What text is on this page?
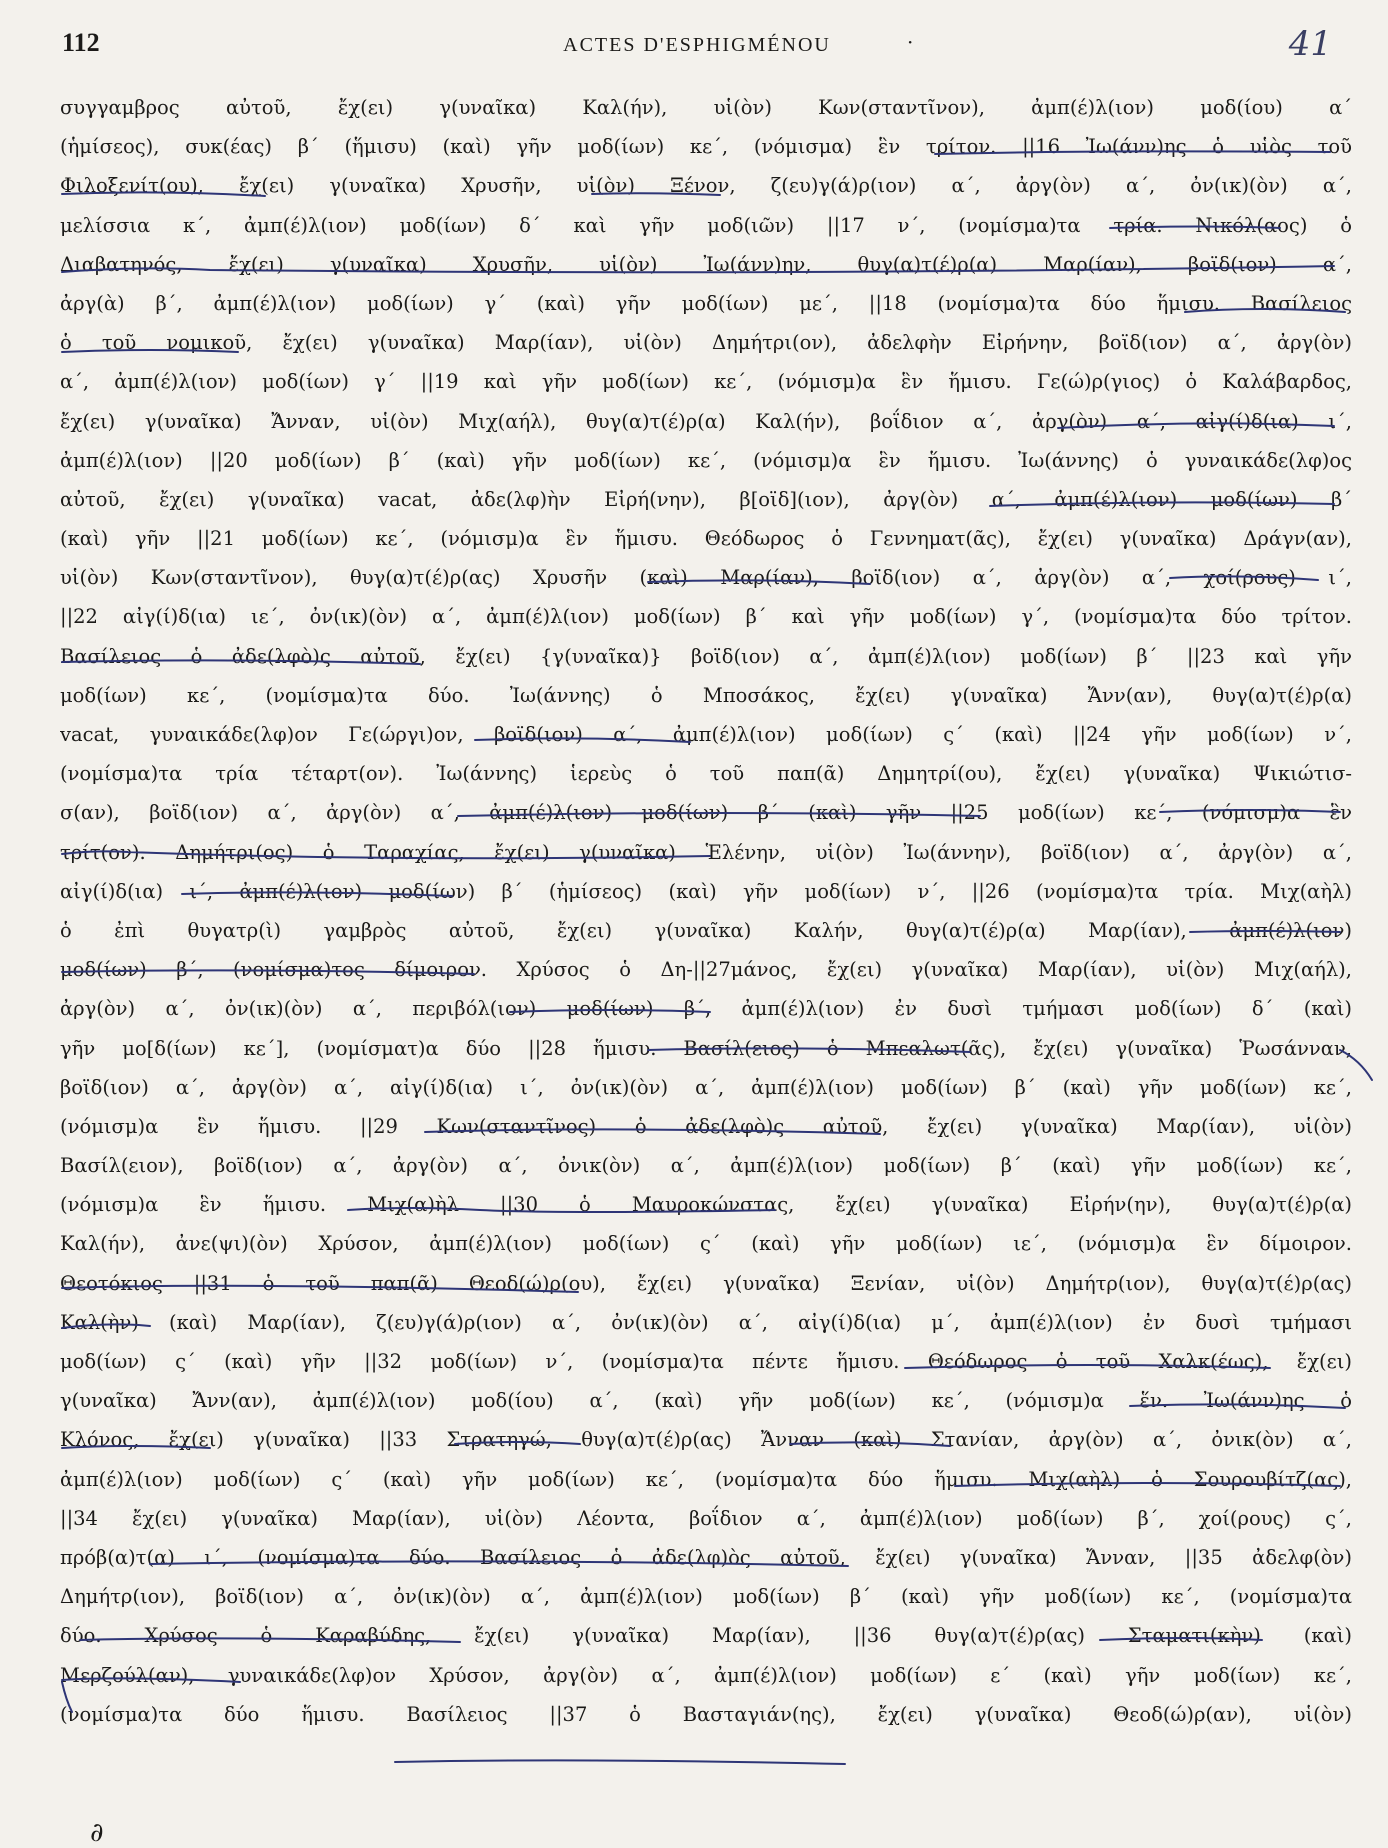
112	ACTES D'ESPHIGMÉNOU	·	41
συγγαμβρος αὐτοῦ, ἔχ(ει) γ(υναῖκα) Καλ(ήν), υἱ(ὸν) Κων(σταντῖνον), ἀμπ(έ)λ(ιον) μοδ(ίου) α´
(ἡμίσεος), συκ(έας) β´ (ἥμισυ) (καὶ) γῆν μοδ(ίων) κε´, (νόμισμα) ἓν τρίτον. ||16 Ἰω(άνν)ης ὁ υἱὸς τοῦ
Φιλοξενίτ(ου), ἔχ(ει) γ(υναῖκα) Χρυσῆν, υἱ(ὸν) Ξένον, ζ(ευ)γ(ά)ρ(ιον) α´, ἀργ(ὸν) α´, ὀν(ικ)(ὸν) α´,
μελίσσια κ´, ἀμπ(έ)λ(ιον) μοδ(ίων) δ´ καὶ γῆν μοδ(ιῶν) ||17 ν´, (νομίσμα)τα τρία. Νικόλ(αος) ὁ
Διαβατηνός, ἔχ(ει) γ(υναῖκα) Χρυσῆν, υἱ(ὸν) Ἰω(άνν)ην, θυγ(α)τ(έ)ρ(α) Μαρ(ίαν), βοϊδ(ιον) α´,
ἀργ(ὰ) β´, ἀμπ(έ)λ(ιον) μοδ(ίων) γ´ (καὶ) γῆν μοδ(ίων) με´, ||18 (νομίσμα)τα δύο ἥμισυ. Βασίλειος
ὁ τοῦ νομικοῦ, ἔχ(ει) γ(υναῖκα) Μαρ(ίαν), υἱ(ὸν) Δημήτρι(ον), ἀδελφὴν Εἰρήνην, βοϊδ(ιον) α´, ἀργ(ὸν)
α´, ἀμπ(έ)λ(ιον) μοδ(ίων) γ´ ||19 καὶ γῆν μοδ(ίων) κε´, (νόμισμ)α ἓν ἥμισυ. Γε(ώ)ρ(γιος) ὁ Καλάβαρδος,
ἔχ(ει) γ(υναῖκα) Ἄνναν, υἱ(ὸν) Μιχ(αήλ), θυγ(α)τ(έ)ρ(α) Καλ(ήν), βοΐδιον α´, ἀργ(ὸν) α´, αἰγ(ί)δ(ια) ι´,
ἀμπ(έ)λ(ιον) ||20 μοδ(ίων) β´ (καὶ) γῆν μοδ(ίων) κε´, (νόμισμ)α ἓν ἥμισυ. Ἰω(άννης) ὁ γυναικάδε(λφ)ος
αὐτοῦ, ἔχ(ει) γ(υναῖκα) vacat, ἀδε(λφ)ὴν Εἰρή(νην), β[οϊδ](ιον), ἀργ(ὸν) α´, ἀμπ(έ)λ(ιον) μοδ(ίων) β´
(καὶ) γῆν ||21 μοδ(ίων) κε´, (νόμισμ)α ἓν ἥμισυ. Θεόδωρος ὁ Γεννηματ(ᾶς), ἔχ(ει) γ(υναῖκα) Δράγν(αν),
υἱ(ὸν) Κων(σταντῖνον), θυγ(α)τ(έ)ρ(ας) Χρυσῆν (καὶ) Μαρ(ίαν), βοϊδ(ιον) α´, ἀργ(ὸν) α´, χοί(ρους) ι´,
||22 αἰγ(ί)δ(ια) ιε´, ὀν(ικ)(ὸν) α´, ἀμπ(έ)λ(ιον) μοδ(ίων) β´ καὶ γῆν μοδ(ίων) γ´, (νομίσμα)τα δύο τρίτον.
Βασίλειος ὁ ἀδε(λφὸ)ς αὐτοῦ, ἔχ(ει) {γ(υναῖκα)} βοϊδ(ιον) α´, ἀμπ(έ)λ(ιον) μοδ(ίων) β´ ||23 καὶ γῆν
μοδ(ίων) κε´, (νομίσμα)τα δύο. Ἰω(άννης) ὁ Μποσάκος, ἔχ(ει) γ(υναῖκα) Ἄνν(αν), θυγ(α)τ(έ)ρ(α)
vacat, γυναικάδε(λφ)ον Γε(ώργι)ον, βοϊδ(ιον) α´, ἀμπ(έ)λ(ιον) μοδ(ίων) ς´ (καὶ) ||24 γῆν μοδ(ίων) ν´,
(νομίσμα)τα τρία τέταρτ(ον). Ἰω(άννης) ἱερεὺς ὁ τοῦ παπ(ᾶ) Δημητρί(ου), ἔχ(ει) γ(υναῖκα) Ψικιώτισ-
σ(αν), βοϊδ(ιον) α´, ἀργ(ὸν) α´, ἀμπ(έ)λ(ιον) μοδ(ίων) β´ (καὶ) γῆν ||25 μοδ(ίων) κε´, (νόμισμ)α ἓν
τρίτ(ον). Δημήτρι(ος) ὁ Ταραχίας, ἔχ(ει) γ(υναῖκα) Ἑλένην, υἱ(ὸν) Ἰω(άννην), βοϊδ(ιον) α´, ἀργ(ὸν) α´,
αἰγ(ί)δ(ια) ι´, ἀμπ(έ)λ(ιον) μοδ(ίων) β´ (ἡμίσεος) (καὶ) γῆν μοδ(ίων) ν´, ||26 (νομίσμα)τα τρία. Μιχ(αὴλ)
ὁ ἐπὶ θυγατρ(ὶ) γαμβρὸς αὐτοῦ, ἔχ(ει) γ(υναῖκα) Καλήν, θυγ(α)τ(έ)ρ(α) Μαρ(ίαν), ἀμπ(έ)λ(ιον)
μοδ(ίων) β´, (νομίσμα)τος δίμοιρον. Χρύσος ὁ Δη-||27μάνος, ἔχ(ει) γ(υναῖκα) Μαρ(ίαν), υἱ(ὸν) Μιχ(αήλ),
ἀργ(ὸν) α´, ὀν(ικ)(ὸν) α´, περιβόλ(ιον) μοδ(ίων) β´, ἀμπ(έ)λ(ιον) ἐν δυσὶ τμήμασι μοδ(ίων) δ´ (καὶ)
γῆν μο[δ(ίων) κε´], (νομίσματ)α δύο ||28 ἥμισυ. Βασίλ(ειος) ὁ Μπεαλωτ(ᾶς), ἔχ(ει) γ(υναῖκα) Ῥωσάνναν,
βοϊδ(ιον) α´, ἀργ(ὸν) α´, αἰγ(ί)δ(ια) ι´, ὀν(ικ)(ὸν) α´, ἀμπ(έ)λ(ιον) μοδ(ίων) β´ (καὶ) γῆν μοδ(ίων) κε´,
(νόμισμ)α ἓν ἥμισυ. ||29 Κων(σταντῖνος) ὁ ἀδε(λφὸ)ς αὐτοῦ, ἔχ(ει) γ(υναῖκα) Μαρ(ίαν), υἱ(ὸν)
Βασίλ(ειον), βοϊδ(ιον) α´, ἀργ(ὸν) α´, ὀνικ(ὸν) α´, ἀμπ(έ)λ(ιον) μοδ(ίων) β´ (καὶ) γῆν μοδ(ίων) κε´,
(νόμισμ)α ἓν ἥμισυ. Μιχ(α)ὴλ ||30 ὁ Μαυροκώνστας, ἔχ(ει) γ(υναῖκα) Εἰρήν(ην), θυγ(α)τ(έ)ρ(α)
Καλ(ήν), ἀνε(ψι)(ὸν) Χρύσον, ἀμπ(έ)λ(ιον) μοδ(ίων) ς´ (καὶ) γῆν μοδ(ίων) ιε´, (νόμισμ)α ἓν δίμοιρον.
Θεοτόκιος ||31 ὁ τοῦ παπ(ᾶ) Θεοδ(ώ)ρ(ου), ἔχ(ει) γ(υναῖκα) Ξενίαν, υἱ(ὸν) Δημήτρ(ιον), θυγ(α)τ(έ)ρ(ας)
Καλ(ὴν) (καὶ) Μαρ(ίαν), ζ(ευ)γ(ά)ρ(ιον) α´, ὀν(ικ)(ὸν) α´, αἰγ(ί)δ(ια) μ´, ἀμπ(έ)λ(ιον) ἐν δυσὶ τμήμασι
μοδ(ίων) ς´ (καὶ) γῆν ||32 μοδ(ίων) ν´, (νομίσμα)τα πέντε ἥμισυ. Θεόδωρος ὁ τοῦ Χαλκ(έως), ἔχ(ει)
γ(υναῖκα) Ἄνν(αν), ἀμπ(έ)λ(ιον) μοδ(ίου) α´, (καὶ) γῆν μοδ(ίων) κε´, (νόμισμ)α ἕν. Ἰω(άνν)ης ὁ
Κλόνος, ἔχ(ει) γ(υναῖκα) ||33 Στρατηγώ, θυγ(α)τ(έ)ρ(ας) Ἄνναν (καὶ) Στανίαν, ἀργ(ὸν) α´, ὀνικ(ὸν) α´,
ἀμπ(έ)λ(ιον) μοδ(ίων) ς´ (καὶ) γῆν μοδ(ίων) κε´, (νομίσμα)τα δύο ἥμισυ. Μιχ(αὴλ) ὁ Σουρουβίτζ(ας),
||34 ἔχ(ει) γ(υναῖκα) Μαρ(ίαν), υἱ(ὸν) Λέοντα, βοΐδιον α´, ἀμπ(έ)λ(ιον) μοδ(ίων) β´, χοί(ρους) ς´,
πρόβ(α)τ(α) ι´, (νομίσμα)τα δύο. Βασίλειος ὁ ἀδε(λφ)ὸς αὐτοῦ, ἔχ(ει) γ(υναῖκα) Ἄνναν, ||35 ἀδελφ(ὸν)
Δημήτρ(ιον), βοϊδ(ιον) α´, ὀν(ικ)(ὸν) α´, ἀμπ(έ)λ(ιον) μοδ(ίων) β´ (καὶ) γῆν μοδ(ίων) κε´, (νομίσμα)τα
δύο. Χρύσος ὁ Καραβύδης, ἔχ(ει) γ(υναῖκα) Μαρ(ίαν), ||36 θυγ(α)τ(έ)ρ(ας) Σταματι(κὴν) (καὶ)
Μερζούλ(αν), γυναικάδε(λφ)ον Χρύσον, ἀργ(ὸν) α´, ἀμπ(έ)λ(ιον) μοδ(ίων) ε´ (καὶ) γῆν μοδ(ίων) κε´,
(νομίσμα)τα δύο ἥμισυ. Βασίλειος ||37 ὁ Βασταγιάν(ης), ἔχ(ει) γ(υναῖκα) Θεοδ(ώ)ρ(αν), υἱ(ὸν)
∂
